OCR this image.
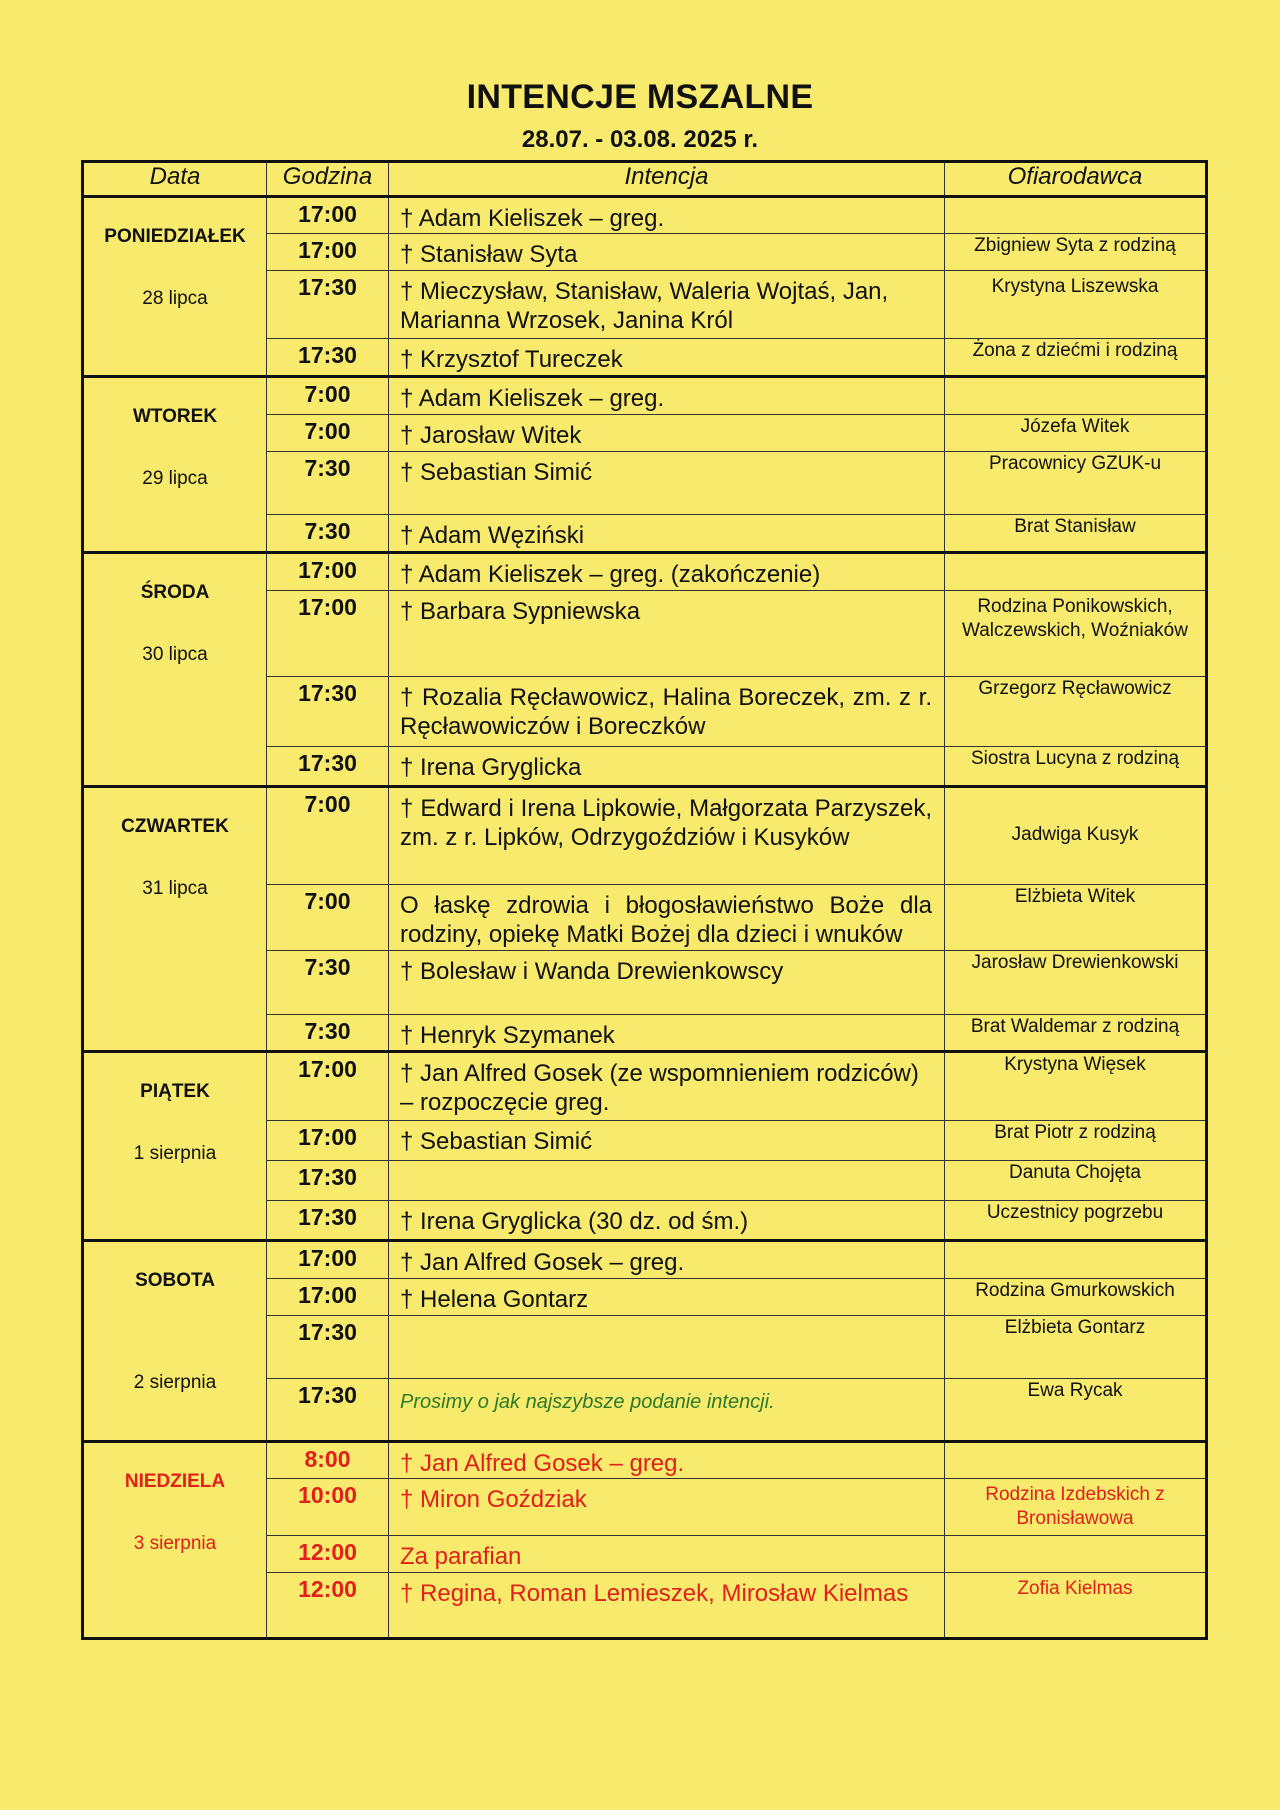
INTENCJE MSZALNE
28.07. - 03.08. 2025 r.
Data	Godzina	Intencja	Ofiarodawca

PONIEDZIAŁEK
28 lipca	17:00	† Adam Kieliszek – greg.	
	17:00	† Stanisław Syta	Zbigniew Syta z rodziną
	17:30	† Mieczysław, Stanisław, Waleria Wojtaś, Jan, Marianna Wrzosek, Janina Król	Krystyna Liszewska
	17:30	† Krzysztof Tureczek	Żona z dziećmi i rodziną

WTOREK
29 lipca	7:00	† Adam Kieliszek – greg.	
	7:00	† Jarosław Witek	Józefa Witek
	7:30	† Sebastian Simić	Pracownicy GZUK-u
	7:30	† Adam Węziński	Brat Stanisław

ŚRODA
30 lipca	17:00	† Adam Kieliszek – greg. (zakończenie)	
	17:00	† Barbara Sypniewska	Rodzina Ponikowskich, Walczewskich, Woźniaków
	17:30	† Rozalia Ręcławowicz, Halina Boreczek, zm. z r. Ręcławowiczów i Boreczków	Grzegorz Ręcławowicz
	17:30	† Irena Gryglicka	Siostra Lucyna z rodziną

CZWARTEK
31 lipca	7:00	† Edward i Irena Lipkowie, Małgorzata Parzyszek, zm. z r. Lipków, Odrzygoździów i Kusyków	Jadwiga Kusyk
	7:00	O łaskę zdrowia i błogosławieństwo Boże dla rodziny, opiekę Matki Bożej dla dzieci i wnuków	Elżbieta Witek
	7:30	† Bolesław i Wanda Drewienkowscy	Jarosław Drewienkowski
	7:30	† Henryk Szymanek	Brat Waldemar z rodziną

PIĄTEK
1 sierpnia	17:00	† Jan Alfred Gosek (ze wspomnieniem rodziców) – rozpoczęcie greg.	Krystyna Więsek
	17:00	† Sebastian Simić	Brat Piotr z rodziną
	17:30		Danuta Chojęta
	17:30	† Irena Gryglicka (30 dz. od śm.)	Uczestnicy pogrzebu

SOBOTA
2 sierpnia	17:00	† Jan Alfred Gosek – greg.	
	17:00	† Helena Gontarz	Rodzina Gmurkowskich
	17:30		Elżbieta Gontarz
	17:30	Prosimy o jak najszybsze podanie intencji.	Ewa Rycak

NIEDZIELA
3 sierpnia	8:00	† Jan Alfred Gosek – greg.	
	10:00	† Miron Goździak	Rodzina Izdebskich z Bronisławowa
	12:00	Za parafian	
	12:00	† Regina, Roman Lemieszek, Mirosław Kielmas	Zofia Kielmas
